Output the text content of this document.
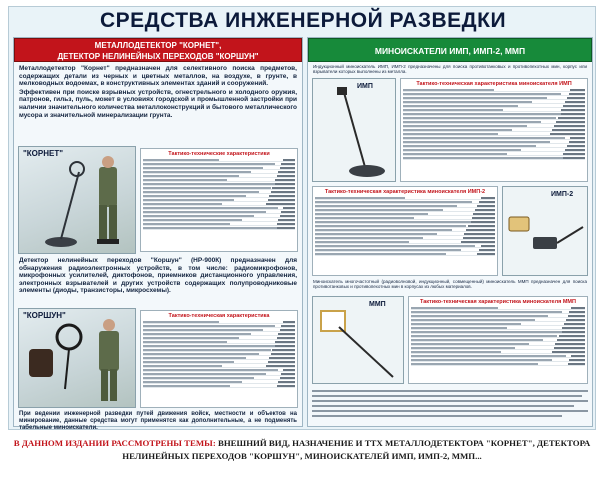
СРЕДСТВА ИНЖЕНЕРНОЙ РАЗВЕДКИ
МЕТАЛЛОДЕТЕКТОР "КОРНЕТ",
ДЕТЕКТОР НЕЛИНЕЙНЫХ ПЕРЕХОДОВ "КОРШУН"

Металлодетектор "Корнет" предназначен для селективного поиска предметов, содержащих детали из черных и цветных металлов, на воздухе, в грунте, в мелководных водоемах, в конструктивных элементах зданий и сооружений.

Эффективен при поиске взрывных устройств, огнестрельного и холодного оружия, патронов, гильз, пуль, может в условиях городской и промышленной застройки при наличии значительного количества металлоконструкций и бытового металлического мусора и значительной минерализации грунта.

"КОРНЕТ"	Тактико-технические характеристики

Детектор нелинейных переходов "Коршун" (НР-900К) предназначен для обнаружения радиоэлектронных устройств, в том числе: радиомикрофонов, микрофонных усилителей, диктофонов, приемников дистанционного управления, электронных взрывателей и других устройств содержащих полупроводниковые элементы (диоды, транзисторы, микросхемы).

"КОРШУН"	Тактико-техническая характеристика

При ведении инженерной разведки путей движения войск, местности и объектов на минирование, данные средства могут применятся как дополнительные, а не подменять табельные миноискатели.

МИНОИСКАТЕЛИ ИМП, ИМП-2, ММП

Индукционный миноискатель ИМП, ИМП-2 предназначены для поиска противотанковых и противопехотных мин, корпус или взрыватели которых выполнены из металла.

ИМП	Тактико-техническая характеристика миноискателя ИМП
Тактико-техническая характеристика миноискателя ИМП-2	ИМП-2

Миноискатель многочастотный (радиоволновой, индукционный, совмещенный) миноискатель ММП предназначен для поиска противотанковых и противопехотных мин в корпусах из любых материалов.

ММП	Тактико-техническая характеристика миноискателя ММП
В ДАННОМ ИЗДАНИИ РАССМОТРЕНЫ ТЕМЫ: ВНЕШНИЙ ВИД, НАЗНАЧЕНИЕ И ТТХ МЕТАЛЛОДЕТЕКТОРА "КОРНЕТ", ДЕТЕКТОРА НЕЛИНЕЙНЫХ ПЕРЕХОДОВ "КОРШУН", МИНОИСКАТЕЛЕЙ ИМП, ИМП-2, ММП...
